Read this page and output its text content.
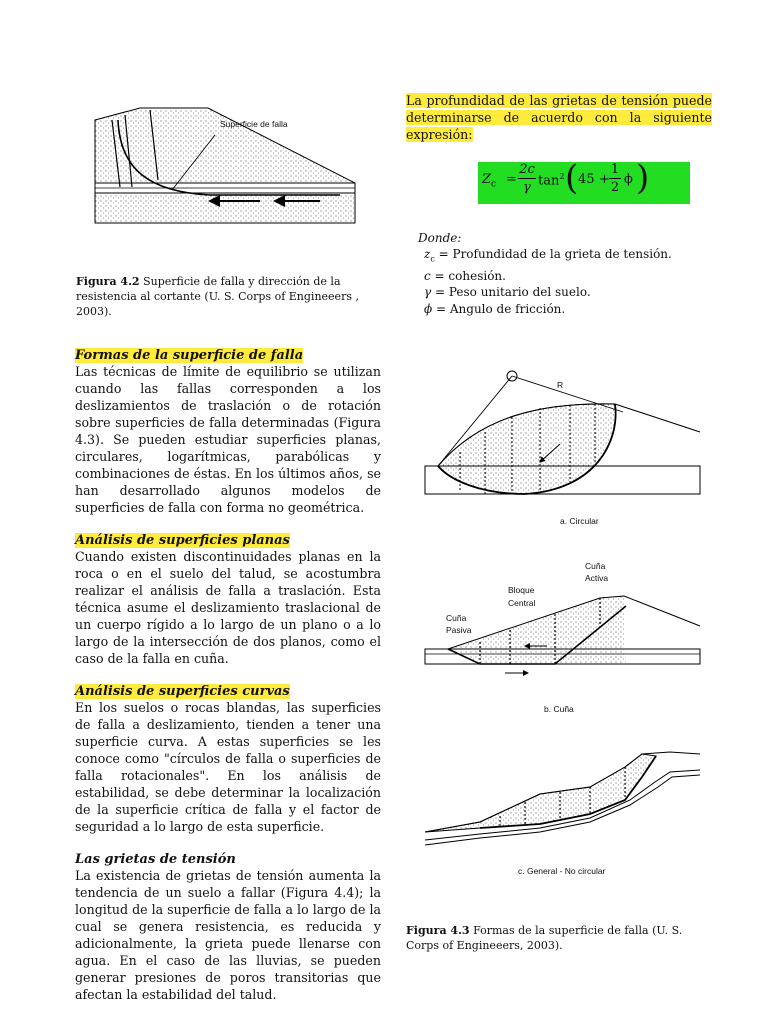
Superficie de falla
Figura 4.2 Superficie de falla y dirección de la resistencia al cortante (U. S. Corps of Engineeers , 2003).
Formas de la superficie de falla
Las técnicas de límite de equilibrio se utilizan cuando las fallas corresponden a los deslizamientos de traslación o de rotación sobre superficies de falla determinadas (Figura 4.3). Se pueden estudiar superficies planas, circulares, logarítmicas, parabólicas y combinaciones de éstas. En los últimos años, se han desarrollado algunos modelos de superficies de falla con forma no geométrica.
Análisis de superficies planas
Cuando existen discontinuidades planas en la roca o en el suelo del talud, se acostumbra realizar el análisis de falla a traslación. Esta técnica asume el deslizamiento traslacional de un cuerpo rígido a lo largo de un plano o a lo largo de la intersección de dos planos, como el caso de la falla en cuña.
Análisis de superficies curvas
En los suelos o rocas blandas, las superficies de falla a deslizamiento, tienden a tener una superficie curva. A estas superficies se les conoce como "círculos de falla o superficies de falla rotacionales". En los análisis de estabilidad, se debe determinar la localización de la superficie crítica de falla y el factor de seguridad a lo largo de esta superficie.
Las grietas de tensión
La existencia de grietas de tensión aumenta la tendencia de un suelo a fallar (Figura 4.4); la longitud de la superficie de falla a lo largo de la cual se genera resistencia, es reducida y adicionalmente, la grieta puede llenarse con agua. En el caso de las lluvias, se pueden generar presiones de poros transitorias que afectan la estabilidad del talud.
La profundidad de las grietas de tensión puede determinarse de acuerdo con la siguiente expresión:
$Z_c$ =
2c
γ $\tan^2$ ( 45 +
1
2
ϕ )
Donde:
$z_c$ = Profundidad de la grieta de tensión.
c = cohesión.
γ = Peso unitario del suelo.
ϕ = Angulo de fricción.
R
a. Circular
Cuña
Activa
Bloque
Central
Cuña
Pasiva
b. Cuña
c. General - No circular
Figura 4.3 Formas de la superficie de falla (U. S. Corps of Engineeers, 2003).
